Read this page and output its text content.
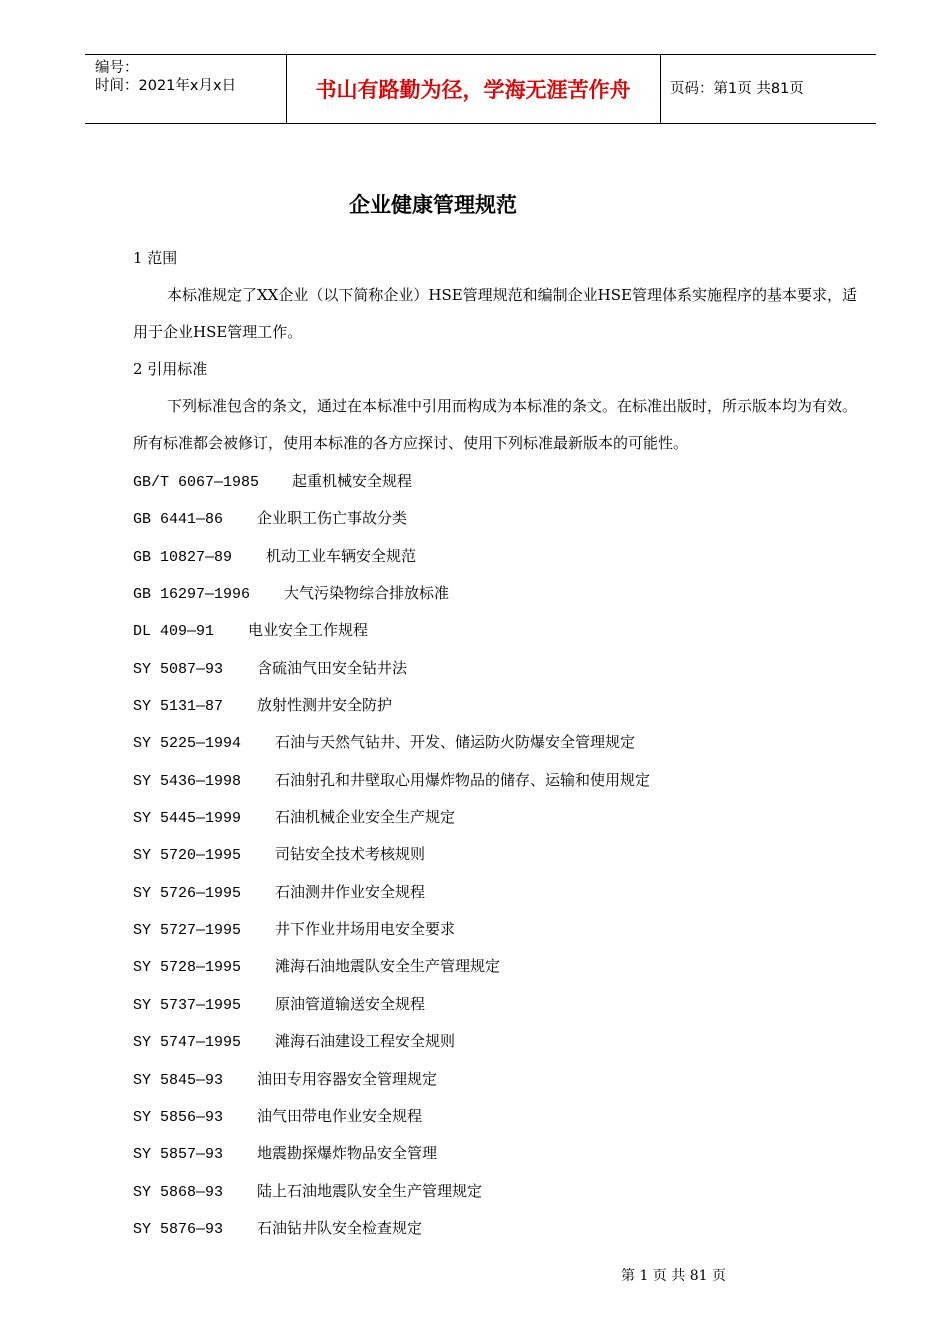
编号：
时间：2021年x月x日	书山有路勤为径，学海无涯苦作舟	页码：第1页 共81页
企业健康管理规范
1 范围
本标准规定了XX企业（以下简称企业）HSE管理规范和编制企业HSE管理体系实施程序的基本要求，适用于企业HSE管理工作。
2 引用标准
下列标准包含的条文，通过在本标准中引用而构成为本标准的条文。在标准出版时，所示版本均为有效。所有标准都会被修订，使用本标准的各方应探讨、使用下列标准最新版本的可能性。
GB/T 6067—1985 起重机械安全规程
GB 6441—86 企业职工伤亡事故分类
GB 10827—89 机动工业车辆安全规范
GB 16297—1996 大气污染物综合排放标准
DL 409—91 电业安全工作规程
SY 5087—93 含硫油气田安全钻井法
SY 5131—87 放射性测井安全防护
SY 5225—1994 石油与天然气钻井、开发、储运防火防爆安全管理规定
SY 5436—1998 石油射孔和井壁取心用爆炸物品的储存、运输和使用规定
SY 5445—1999 石油机械企业安全生产规定
SY 5720—1995 司钻安全技术考核规则
SY 5726—1995 石油测井作业安全规程
SY 5727—1995 井下作业井场用电安全要求
SY 5728—1995 滩海石油地震队安全生产管理规定
SY 5737—1995 原油管道输送安全规程
SY 5747—1995 滩海石油建设工程安全规则
SY 5845—93 油田专用容器安全管理规定
SY 5856—93 油气田带电作业安全规程
SY 5857—93 地震勘探爆炸物品安全管理
SY 5868—93 陆上石油地震队安全生产管理规定
SY 5876—93 石油钻井队安全检查规定
第 1 页 共 81 页
